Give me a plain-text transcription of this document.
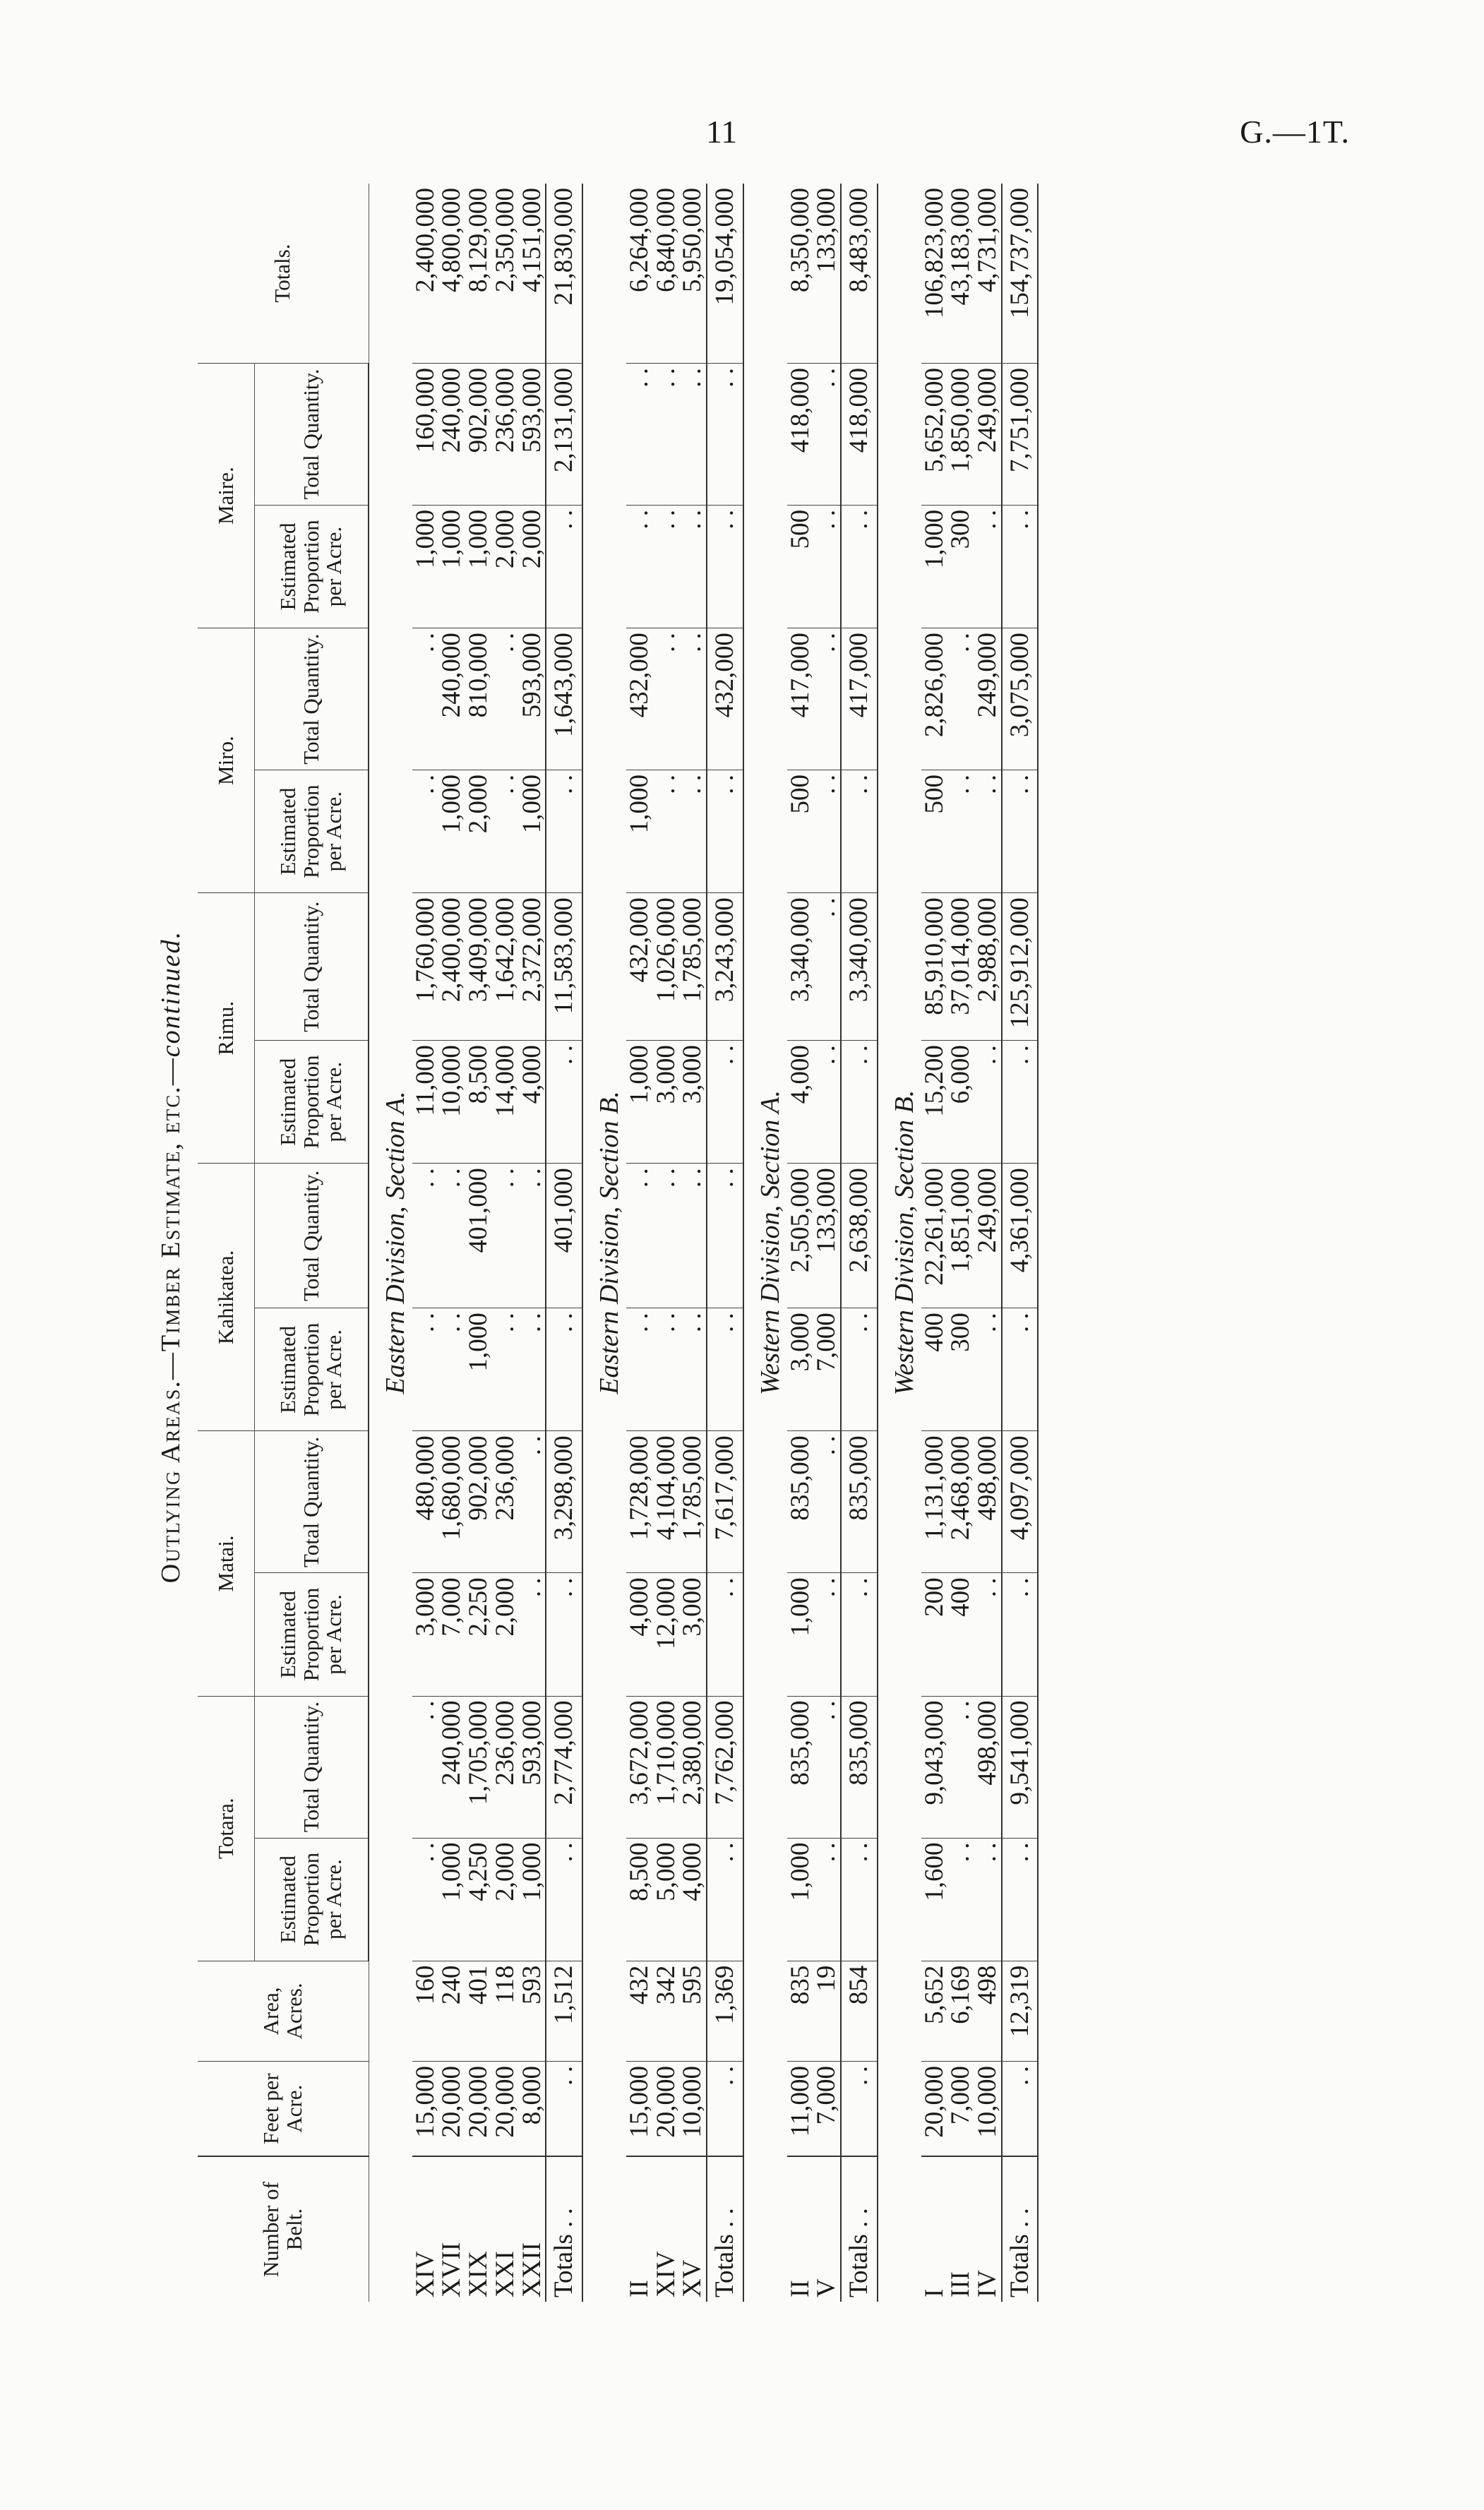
11	G.—1T.
Outlying Areas.—Timber Estimate, etc.—continued.
Number of Belt.	Feet per Acre.	Area, Acres.	Totara.		Matai.		Kahikatea.		Rimu.		Miro.		Maire.		Totals.
			Estimated Proportion per Acre.	Total Quantity.	Estimated Proportion per Acre.	Total Quantity.	Estimated Proportion per Acre.	Total Quantity.	Estimated Proportion per Acre.	Total Quantity.	Estimated Proportion per Acre.	Total Quantity.	Estimated Proportion per Acre.	Total Quantity.	
Eastern Division, Section A.															
XIV	15,000	160	. .	. .	3,000	480,000	. .	. .	11,000	1,760,000	. .	. .	1,000	160,000	2,400,000
XVII	20,000	240	1,000	240,000	7,000	1,680,000	. .	. .	10,000	2,400,000	1,000	240,000	1,000	240,000	4,800,000
XIX	20,000	401	4,250	1,705,000	2,250	902,000	1,000	401,000	8,500	3,409,000	2,000	810,000	1,000	902,000	8,129,000
XXI	20,000	118	2,000	236,000	2,000	236,000	. .	. .	14,000	1,642,000	. .	. .	2,000	236,000	2,350,000
XXII	8,000	593	1,000	593,000	. .	. .	. .	. .	4,000	2,372,000	1,000	593,000	2,000	593,000	4,151,000
Totals . .	. .	1,512	. .	2,774,000	. .	3,298,000	. .	401,000	. .	11,583,000	. .	1,643,000	. .	2,131,000	21,830,000
Eastern Division, Section B.															
II	15,000	432	8,500	3,672,000	4,000	1,728,000	. .	. .	1,000	432,000	1,000	432,000	. .	. .	6,264,000
XIV	20,000	342	5,000	1,710,000	12,000	4,104,000	. .	. .	3,000	1,026,000	. .	. .	. .	. .	6,840,000
XV	10,000	595	4,000	2,380,000	3,000	1,785,000	. .	. .	3,000	1,785,000	. .	. .	. .	. .	5,950,000
Totals . .	. .	1,369	. .	7,762,000	. .	7,617,000	. .	. .	. .	3,243,000	. .	432,000	. .	. .	19,054,000
Western Division, Section A.															
II	11,000	835	1,000	835,000	1,000	835,000	3,000	2,505,000	4,000	3,340,000	500	417,000	500	418,000	8,350,000
V	7,000	19	. .	. .	. .	. .	7,000	133,000	. .	. .	. .	. .	. .	. .	133,000
Totals . .	. .	854	. .	835,000	. .	835,000	. .	2,638,000	. .	3,340,000	. .	417,000	. .	418,000	8,483,000
Western Division, Section B.															
I	20,000	5,652	1,600	9,043,000	200	1,131,000	400	22,261,000	15,200	85,910,000	500	2,826,000	1,000	5,652,000	106,823,000
III	7,000	6,169	. .	. .	400	2,468,000	300	1,851,000	6,000	37,014,000	. .	. .	300	1,850,000	43,183,000
IV	10,000	498	. .	498,000	. .	498,000	. .	249,000	. .	2,988,000	. .	249,000	. .	249,000	4,731,000
Totals . .	. .	12,319	. .	9,541,000	. .	4,097,000	. .	4,361,000	. .	125,912,000	. .	3,075,000	. .	7,751,000	154,737,000
